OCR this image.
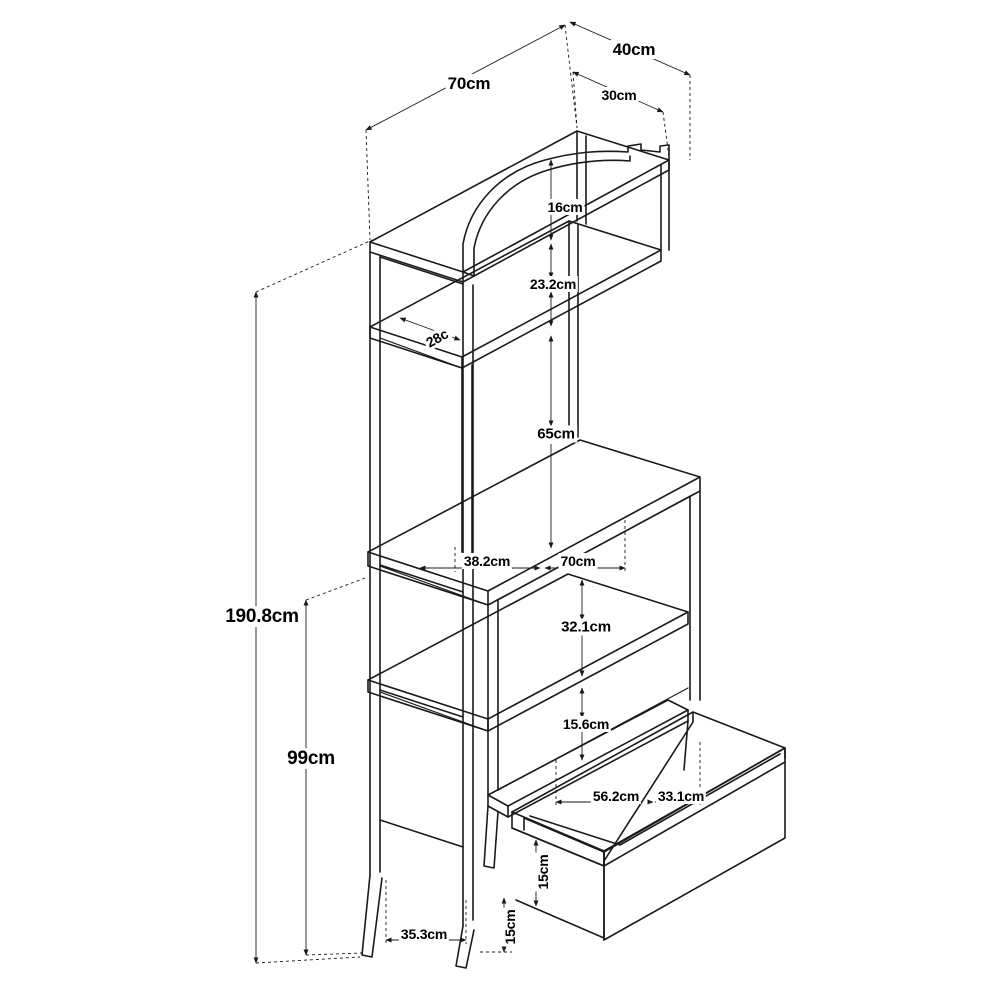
190.8cm
99cm
70cm
40cm
30cm
16cm
23.2cm
28c
65cm
38.2cm	70cm
32.1cm
15.6cm
56.2cm 33.1cm
15cm
35.3cm	15cm
